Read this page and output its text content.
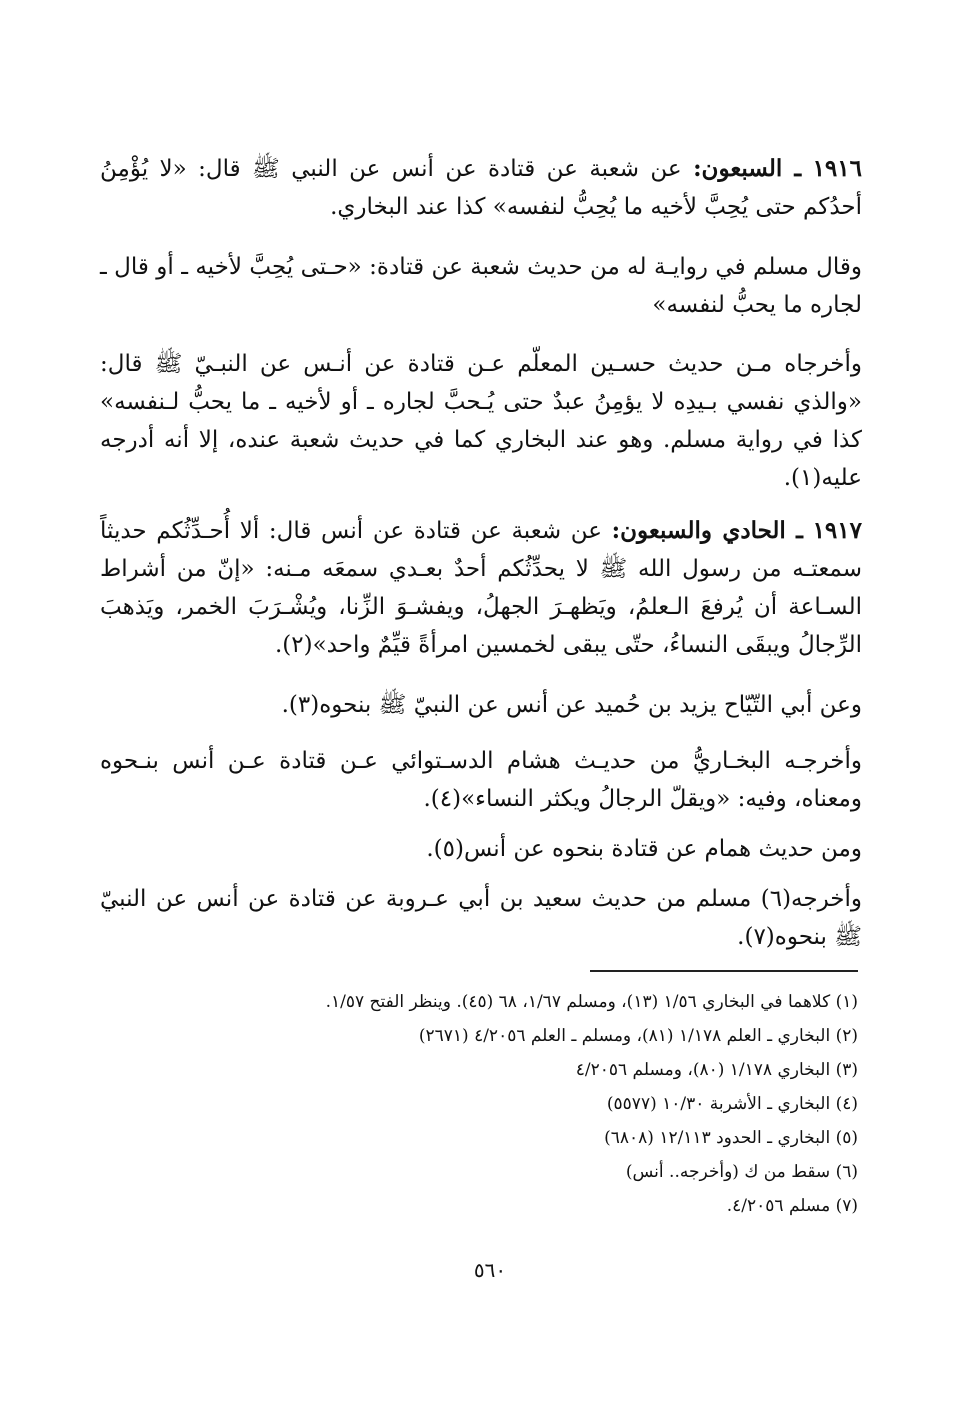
١٩١٦ ـ السبعون: عن شعبة عن قتادة عن أنس عن النبي ﷺ قال: «لا يُؤْمِنُ أحدُكم حتى يُحِبَّ لأخيه ما يُحِبُّ لنفسه» كذا عند البخاري.

وقال مسلم في روايـة له من حديث شعبة عن قتادة: «حـتى يُحِبَّ لأخيه ـ أو قال ـ لجاره ما يحبُّ لنفسه»

وأخرجاه مـن حديث حسـين المعلّم عـن قتادة عن أنـس عن النبـيّ ﷺ قال: «والذي نفسي بـيدِه لا يؤمِنُ عبدٌ حتى يُـحبَّ لجاره ـ أو لأخيه ـ ما يحبُّ لـنفسه» كذا في رواية مسلم. وهو عند البخاري كما في حديث شعبة عنده، إلا أنه أدرجه عليه(١).

١٩١٧ ـ الحادي والسبعون: عن شعبة عن قتادة عن أنس قال: ألا أُحـدِّثُكم حديثاً سمعتـه من رسول الله ﷺ لا يحدِّثُكم أحدٌ بعـدي سمعَه مـنه: «إنّ من أشراط السـاعة أن يُرفعَ الـعلمُ، ويَظهـرَ الجهلُ، ويفشـوَ الزِّنا، ويُشْـرَبَ الخمر، ويَذهبَ الرِّجالُ ويبقَى النساءُ، حتّى يبقى لخمسين امرأةً قيِّمٌ واحد»(٢).

وعن أبي التّيّاح يزيد بن حُميد عن أنس عن النبيّ ﷺ بنحوه(٣).

وأخرجـه البخـاريُّ من حديـث هشام الدسـتوائي عـن قتادة عـن أنس بنـحوه ومعناه، وفيه: «ويقلّ الرجالُ ويكثر النساء»(٤).

ومن حديث همام عن قتادة بنحوه عن أنس(٥).

وأخرجه(٦) مسلم من حديث سعيد بن أبي عـروبة عن قتادة عن أنس عن النبيّ ﷺ بنحوه(٧).

(١) كلاهما في البخاري ١/٥٦ (١٣)، ومسلم ١/٦٧، ٦٨ (٤٥). وينظر الفتح ١/٥٧.
(٢) البخاري ـ العلم ١/١٧٨ (٨١)، ومسلم ـ العلم ٤/٢٠٥٦ (٢٦٧١)
(٣) البخاري ١/١٧٨ (٨٠)، ومسلم ٤/٢٠٥٦
(٤) البخاري ـ الأشربة ١٠/٣٠ (٥٥٧٧)
(٥) البخاري ـ الحدود ١٢/١١٣ (٦٨٠٨)
(٦) سقط من ك (وأخرجه.. أنس)
(٧) مسلم ٤/٢٠٥٦.
٥٦٠
